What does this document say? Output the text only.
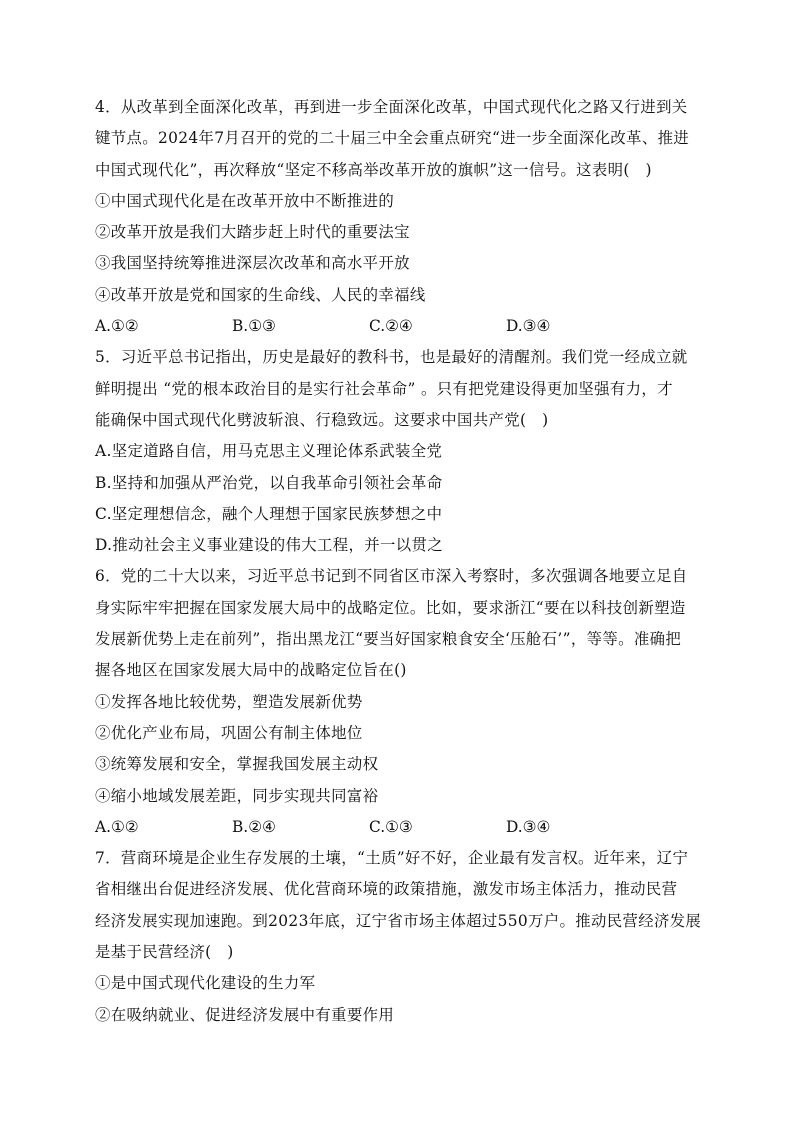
4．从改革到全面深化改革，再到进一步全面深化改革，中国式现代化之路又行进到关
键节点。2024年7月召开的党的二十届三中全会重点研究“进一步全面深化改革、推进
中国式现代化”，再次释放“坚定不移高举改革开放的旗帜”这一信号。这表明(　)
①中国式现代化是在改革开放中不断推进的
②改革开放是我们大踏步赶上时代的重要法宝
③我国坚持统筹推进深层次改革和高水平开放
④改革开放是党和国家的生命线、人民的幸福线
A.①②	B.①③	C.②④	D.③④
5．习近平总书记指出，历史是最好的教科书，也是最好的清醒剂。我们党一经成立就
鲜明提出 “党的根本政治目的是实行社会革命” 。只有把党建设得更加坚强有力，才
能确保中国式现代化劈波斩浪、行稳致远。这要求中国共产党(　)
A.坚定道路自信，用马克思主义理论体系武装全党
B.坚持和加强从严治党，以自我革命引领社会革命
C.坚定理想信念，融个人理想于国家民族梦想之中
D.推动社会主义事业建设的伟大工程，并一以贯之
6．党的二十大以来，习近平总书记到不同省区市深入考察时，多次强调各地要立足自
身实际牢牢把握在国家发展大局中的战略定位。比如，要求浙江“要在以科技创新塑造
发展新优势上走在前列”，指出黑龙江“要当好国家粮食安全‘压舱石’”，等等。准确把
握各地区在国家发展大局中的战略定位旨在()
①发挥各地比较优势，塑造发展新优势
②优化产业布局，巩固公有制主体地位
③统筹发展和安全，掌握我国发展主动权
④缩小地域发展差距，同步实现共同富裕
A.①②	B.②④	C.①③	D.③④
7．营商环境是企业生存发展的土壤，“土质”好不好，企业最有发言权。近年来，辽宁
省相继出台促进经济发展、优化营商环境的政策措施，激发市场主体活力，推动民营
经济发展实现加速跑。到2023年底，辽宁省市场主体超过550万户。推动民营经济发展
是基于民营经济(　)
①是中国式现代化建设的生力军
②在吸纳就业、促进经济发展中有重要作用
